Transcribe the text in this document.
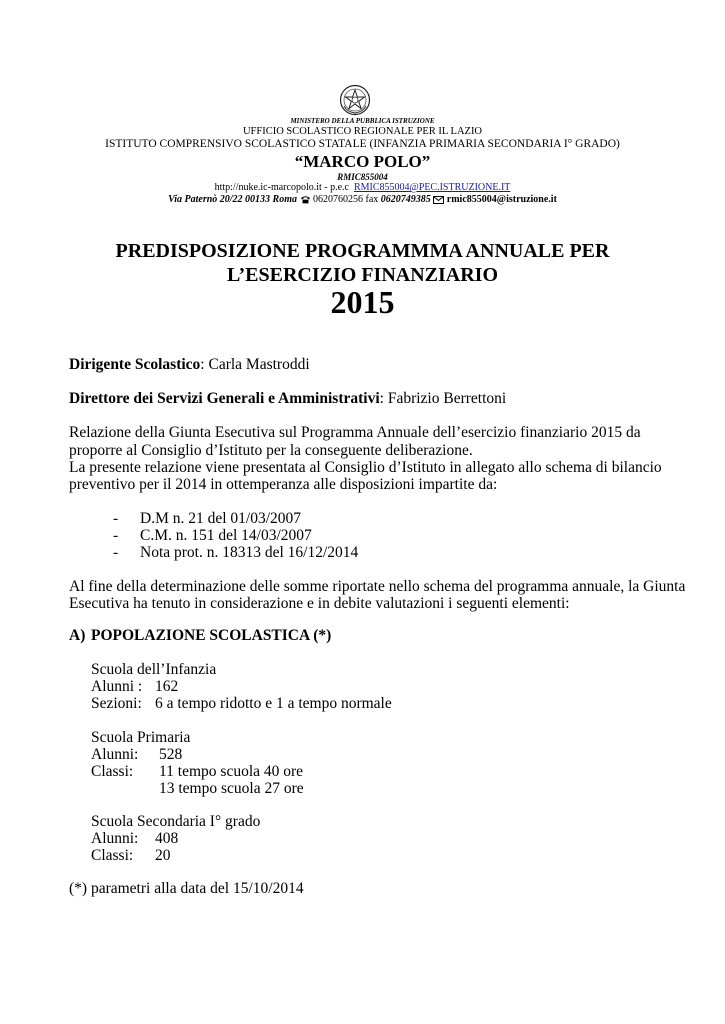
MINISTERO DELLA PUBBLICA ISTRUZIONE
UFFICIO SCOLASTICO REGIONALE PER IL LAZIO
ISTITUTO COMPRENSIVO SCOLASTICO STATALE (INFANZIA PRIMARIA SECONDARIA I° GRADO)
“MARCO POLO”
RMIC855004
http://nuke.ic-marcopolo.it - p.e.c RMIC855004@PEC.ISTRUZIONE.IT
Via Paternò 20/22 00133 Roma 0620760256 fax 0620749385 rmic855004@istruzione.it
PREDISPOSIZIONE PROGRAMMMA ANNUALE PER
L’ESERCIZIO FINANZIARIO
2015
Dirigente Scolastico: Carla Mastroddi
Direttore dei Servizi Generali e Amministrativi: Fabrizio Berrettoni
Relazione della Giunta Esecutiva sul Programma Annuale dell’esercizio finanziario 2015 da
proporre al Consiglio d’Istituto per la conseguente deliberazione.
La presente relazione viene presentata al Consiglio d’Istituto in allegato allo schema di bilancio
preventivo per il 2014 in ottemperanza alle disposizioni impartite da:
- D.M n. 21 del 01/03/2007
- C.M. n. 151 del 14/03/2007
- Nota prot. n. 18313 del 16/12/2014
Al fine della determinazione delle somme riportate nello schema del programma annuale, la Giunta
Esecutiva ha tenuto in considerazione e in debite valutazioni i seguenti elementi:
A) POPOLAZIONE SCOLASTICA (*)
Scuola dell’Infanzia
Alunni : 162
Sezioni: 6 a tempo ridotto e 1 a tempo normale
Scuola Primaria
Alunni: 528
Classi: 11 tempo scuola 40 ore
13 tempo scuola 27 ore
Scuola Secondaria I° grado
Alunni: 408
Classi: 20
(*) parametri alla data del 15/10/2014
